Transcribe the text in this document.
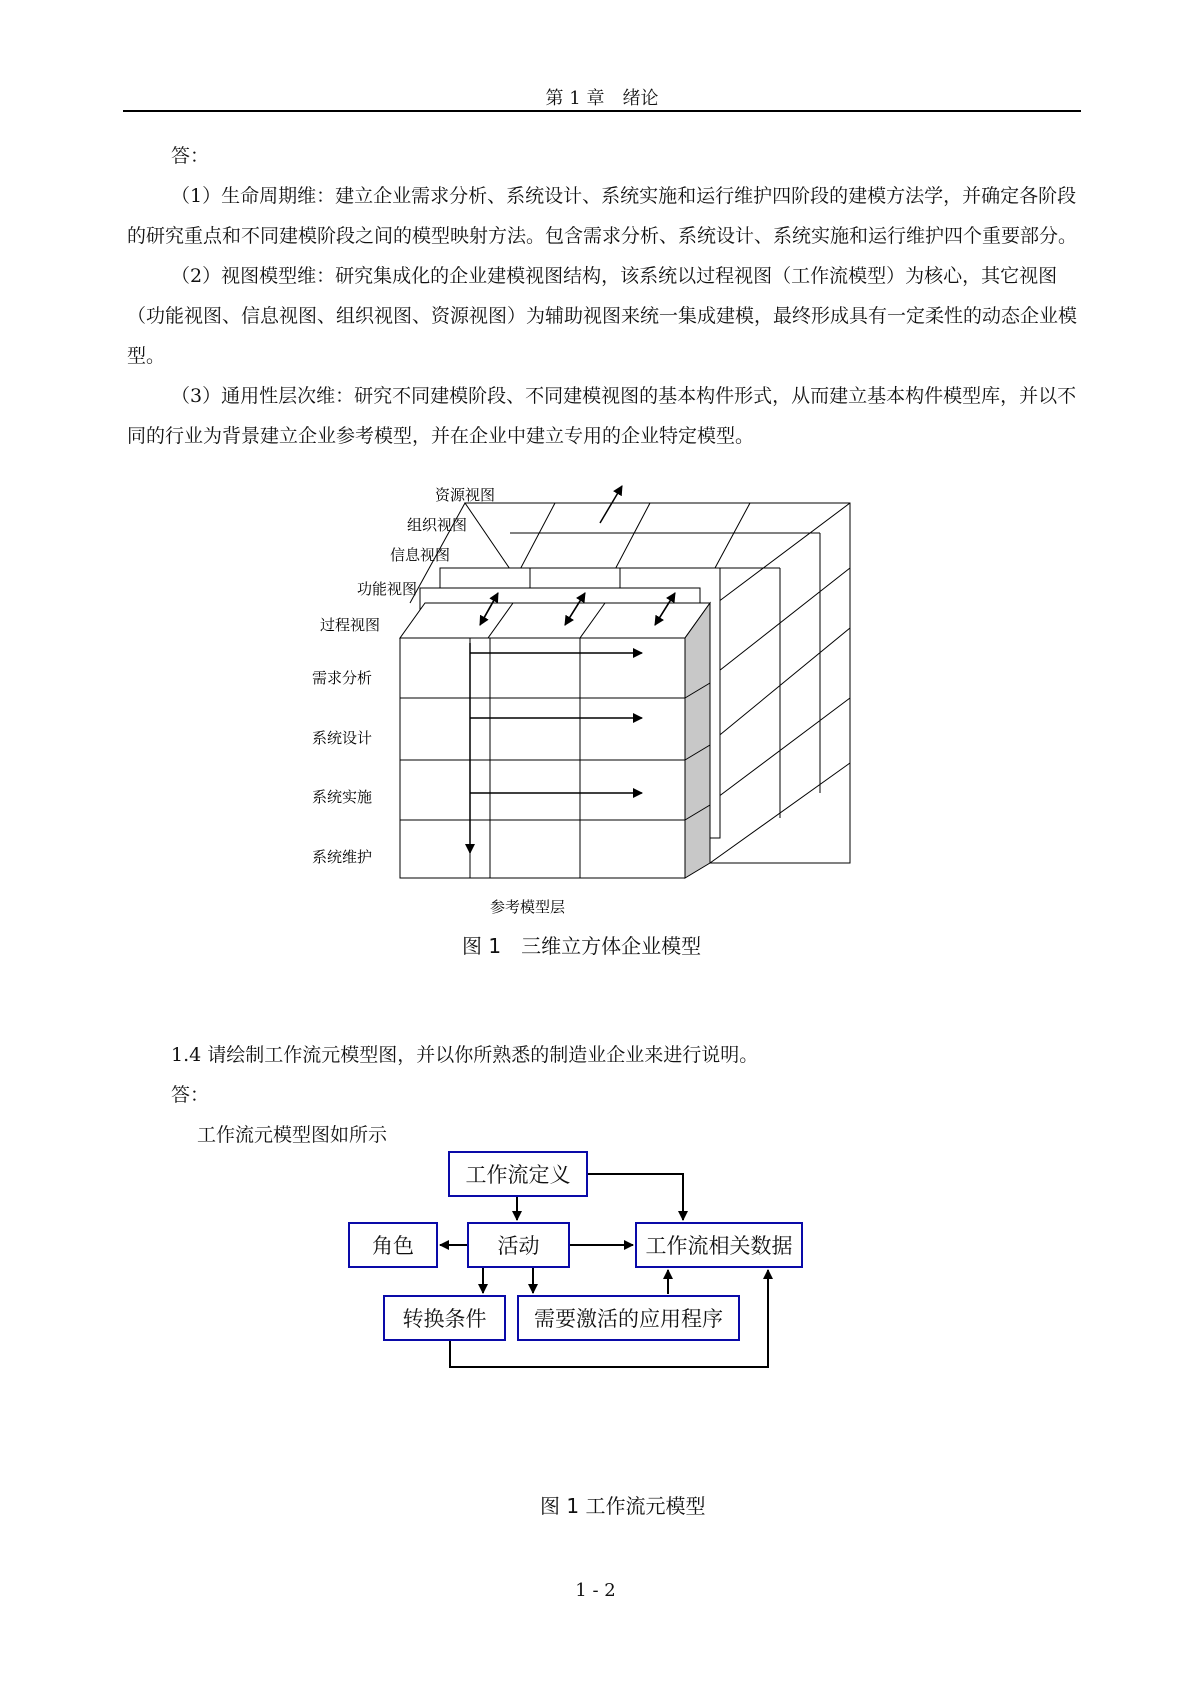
第 1 章　绪论

答：

（1）生命周期维：建立企业需求分析、系统设计、系统实施和运行维护四阶段的建模方法学，并确定各阶段的研究重点和不同建模阶段之间的模型映射方法。包含需求分析、系统设计、系统实施和运行维护四个重要部分。

（2）视图模型维：研究集成化的企业建模视图结构，该系统以过程视图（工作流模型）为核心，其它视图（功能视图、信息视图、组织视图、资源视图）为辅助视图来统一集成建模，最终形成具有一定柔性的动态企业模型。

（3）通用性层次维：研究不同建模阶段、不同建模视图的基本构件形式，从而建立基本构件模型库，并以不同的行业为背景建立企业参考模型，并在企业中建立专用的企业特定模型。

资源视图
组织视图
信息视图
功能视图
过程视图
需求分析
系统设计
系统实施
系统维护
参考模型层
图 1　三维立方体企业模型

1.4 请绘制工作流元模型图，并以你所熟悉的制造业企业来进行说明。

答：

工作流元模型图如所示

工作流定义
角色	活动	工作流相关数据
转换条件	需要激活的应用程序
图 1 工作流元模型
1 - 2
